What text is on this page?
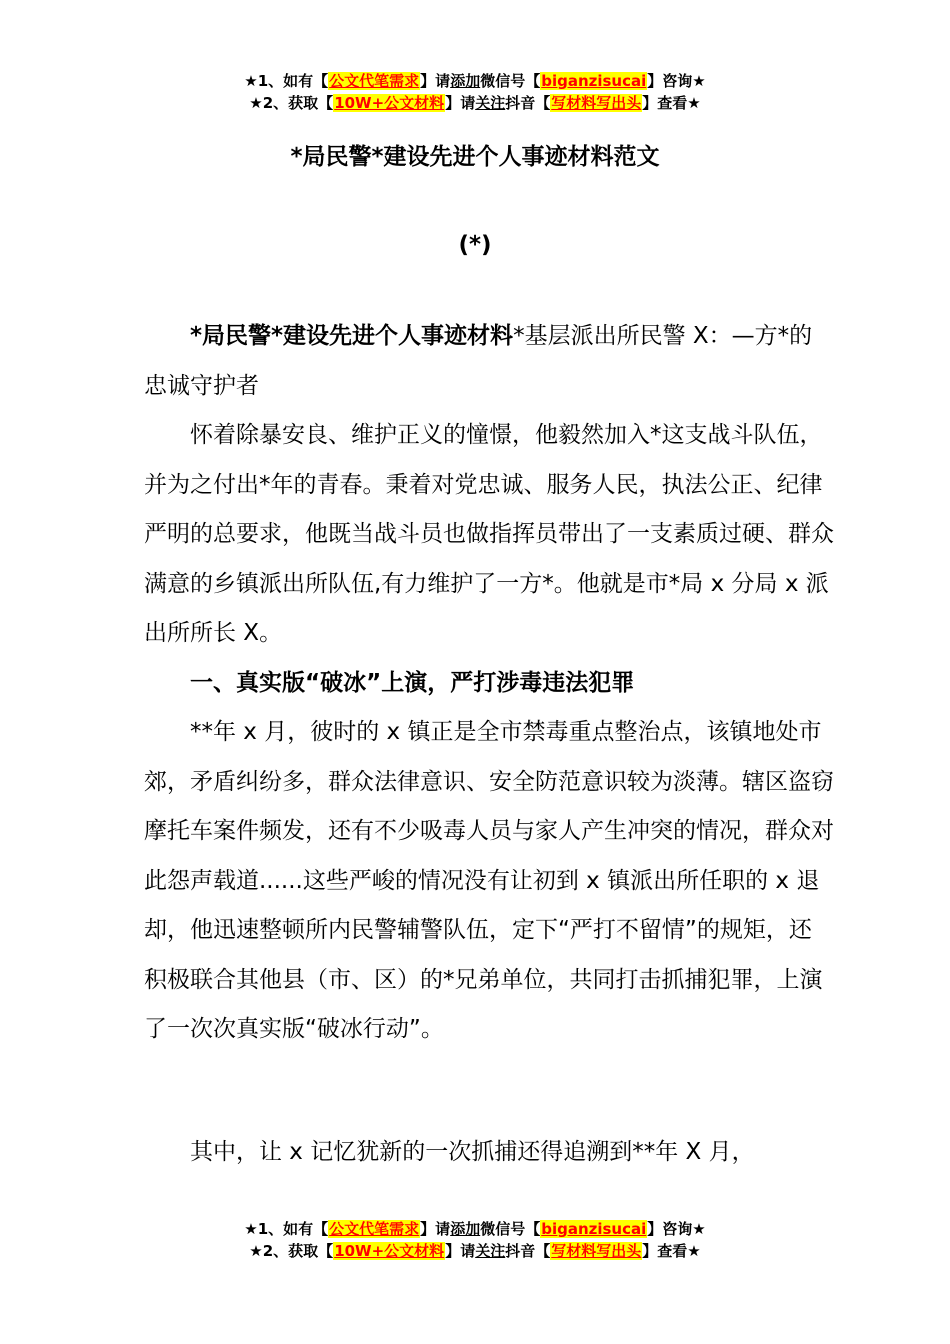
★1、如有【公文代笔需求】请添加微信号【biganzisucai】咨询★
★2、获取【10W+公文材料】请关注抖音【写材料写出头】查看★
*局民警*建设先进个人事迹材料范文
(*)

*局民警*建设先进个人事迹材料*基层派出所民警 X：—方*的忠诚守护者

怀着除暴安良、维护正义的憧憬，他毅然加入*这支战斗队伍，并为之付出*年的青春。秉着对党忠诚、服务人民，执法公正、纪律严明的总要求，他既当战斗员也做指挥员带出了一支素质过硬、群众满意的乡镇派出所队伍,有力维护了一方*。他就是市*局 x 分局 x 派出所所长 X。

一、真实版“破冰”上演，严打涉毒违法犯罪

**年 x 月，彼时的 x 镇正是全市禁毒重点整治点，该镇地处市郊，矛盾纠纷多，群众法律意识、安全防范意识较为淡薄。辖区盗窃摩托车案件频发，还有不少吸毒人员与家人产生冲突的情况，群众对此怨声载道......这些严峻的情况没有让初到 x 镇派出所任职的 x 退却，他迅速整顿所内民警辅警队伍，定下“严打不留情”的规矩，还积极联合其他县（市、区）的*兄弟单位，共同打击抓捕犯罪，上演了一次次真实版“破冰行动”。

其中，让 x 记忆犹新的一次抓捕还得追溯到**年 X 月，

★1、如有【公文代笔需求】请添加微信号【biganzisucai】咨询★
★2、获取【10W+公文材料】请关注抖音【写材料写出头】查看★
